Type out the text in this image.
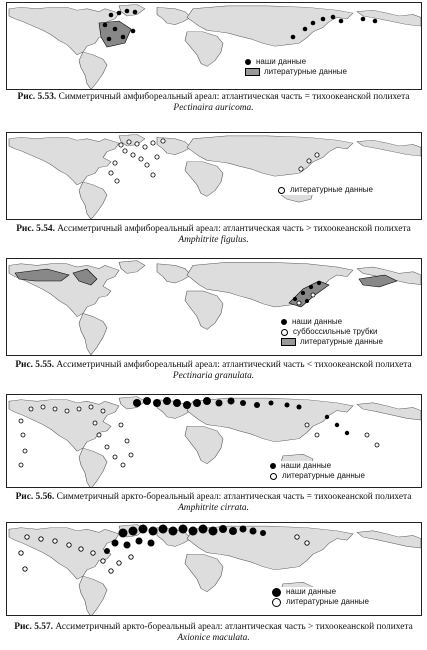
наши данные
литературные данные
Рис. 5.53. Симметричный амфибореальный ареал: атлантическая часть = тихоокеанской полихета Pectinaira auricoma.
литературные данные
Рис. 5.54. Ассиметричный амфибореальный ареал: атлантическая часть > тихоокеанской полихета Amphitrite figulus.
наши данные
суббоссильные трубки
литературные данные
Рис. 5.55. Ассиметричный амфибореальный ареал: атлантический часть < тихоокеанской полихета Pectinaria granulata.
наши данные
литературные данные
Рис. 5.56. Симметричный аркто-бореальный ареал: атлантическая часть = тихоокеанской полихета Amphitrite cirrata.
наши данные
литературные данные
Рис. 5.57. Ассиметричный аркто-бореальный ареал: атлантическая часть > тихоокеанской полихета Axionice maculata.
